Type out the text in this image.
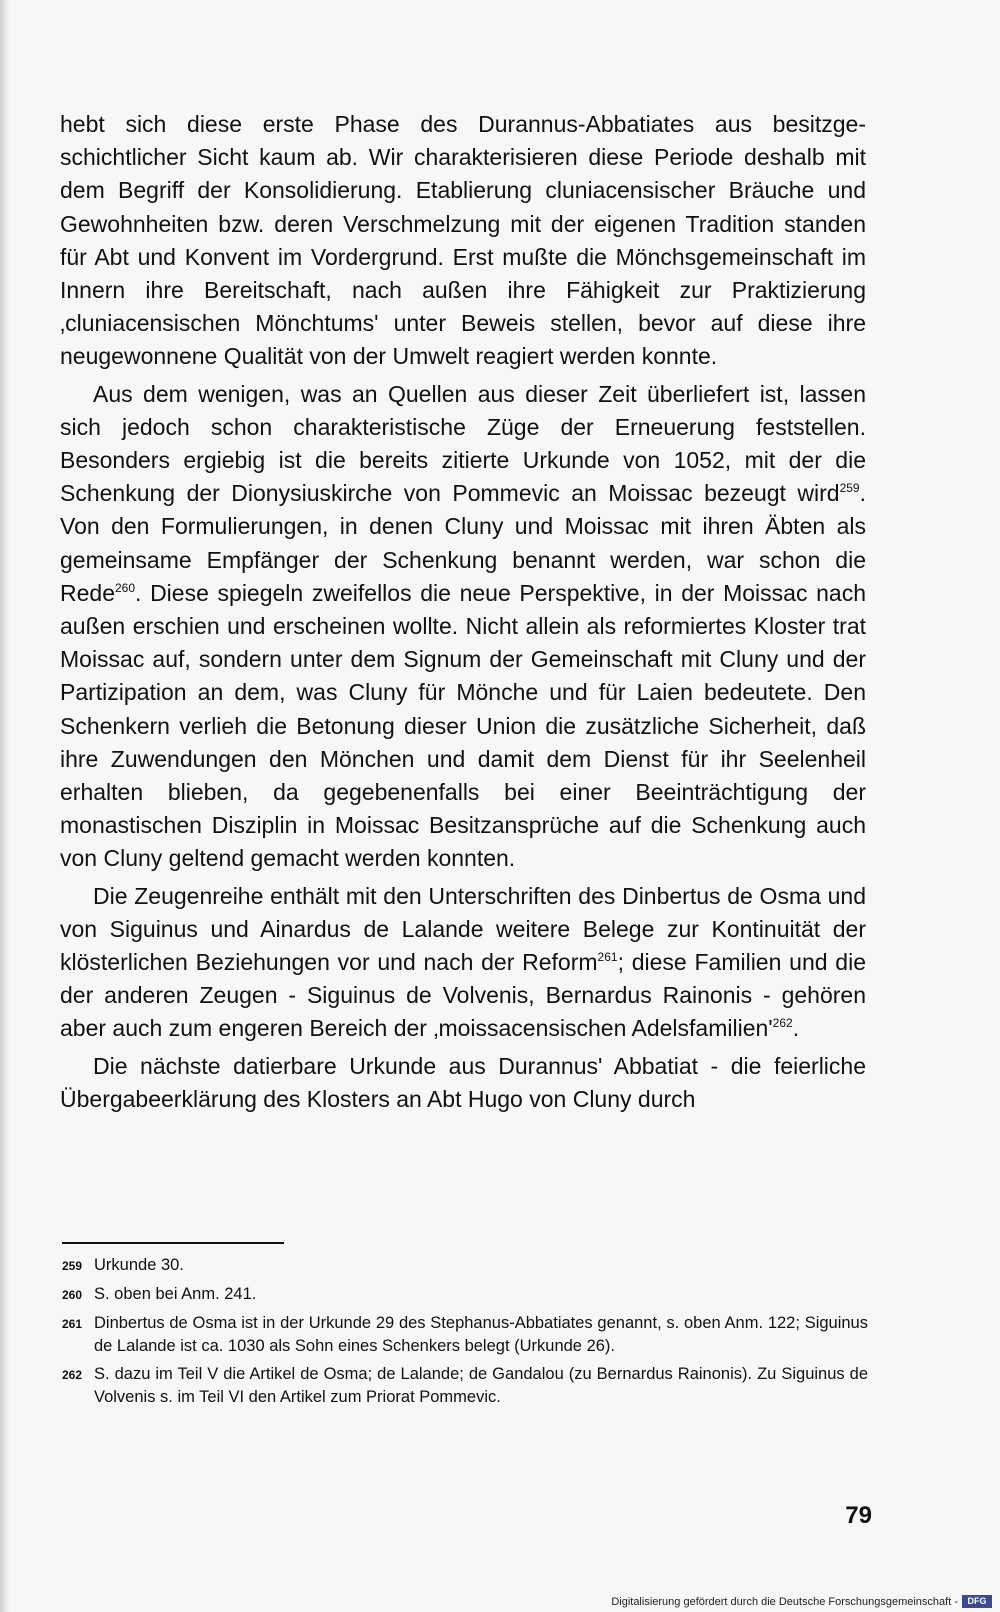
hebt sich diese erste Phase des Durannus-Abbatiates aus besitzge-schichtlicher Sicht kaum ab. Wir charakterisieren diese Periode deshalb mit dem Begriff der Konsolidierung. Etablierung cluniacensischer Bräuche und Gewohnheiten bzw. deren Verschmelzung mit der eigenen Tradition standen für Abt und Konvent im Vordergrund. Erst mußte die Mönchsgemeinschaft im Innern ihre Bereitschaft, nach außen ihre Fähigkeit zur Praktizierung ‚cluniacensischen Mönchtums' unter Beweis stellen, bevor auf diese ihre neugewonnene Qualität von der Umwelt reagiert werden konnte.

Aus dem wenigen, was an Quellen aus dieser Zeit überliefert ist, lassen sich jedoch schon charakteristische Züge der Erneuerung feststellen. Besonders ergiebig ist die bereits zitierte Urkunde von 1052, mit der die Schenkung der Dionysiuskirche von Pommevic an Moissac bezeugt wird$^{259}$. Von den Formulierungen, in denen Cluny und Moissac mit ihren Äbten als gemeinsame Empfänger der Schenkung benannt werden, war schon die Rede$^{260}$. Diese spiegeln zweifellos die neue Perspektive, in der Moissac nach außen erschien und erscheinen wollte. Nicht allein als reformiertes Kloster trat Moissac auf, sondern unter dem Signum der Gemeinschaft mit Cluny und der Partizipation an dem, was Cluny für Mönche und für Laien bedeutete. Den Schenkern verlieh die Betonung dieser Union die zusätzliche Sicherheit, daß ihre Zuwendungen den Mönchen und damit dem Dienst für ihr Seelenheil erhalten blieben, da gegebenenfalls bei einer Beeinträchtigung der monastischen Disziplin in Moissac Besitzansprüche auf die Schenkung auch von Cluny geltend gemacht werden konnten.

Die Zeugenreihe enthält mit den Unterschriften des Dinbertus de Osma und von Siguinus und Ainardus de Lalande weitere Belege zur Kontinuität der klösterlichen Beziehungen vor und nach der Reform$^{261}$; diese Familien und die der anderen Zeugen - Siguinus de Volvenis, Bernardus Rainonis - gehören aber auch zum engeren Bereich der ‚moissacensischen $Adelsfamilien'^{262}$.

Die nächste datierbare Urkunde aus Durannus' Abbatiat - die feierliche Übergabeerklärung des Klosters an Abt Hugo von Cluny durch

259 Urkunde 30.
260 S. oben bei Anm. 241.
261 Dinbertus de Osma ist in der Urkunde 29 des Stephanus-Abbatiates genannt, s. oben Anm. 122; Siguinus de Lalande ist ca. 1030 als Sohn eines Schenkers belegt (Urkunde 26).
262 S. dazu im Teil V die Artikel de Osma; de Lalande; de Gandalou (zu Bernardus Rainonis). Zu Siguinus de Volvenis s. im Teil VI den Artikel zum Priorat Pommevic.
79
Digitalisierung gefördert durch die Deutsche Forschungsgemeinschaft -	DFG
